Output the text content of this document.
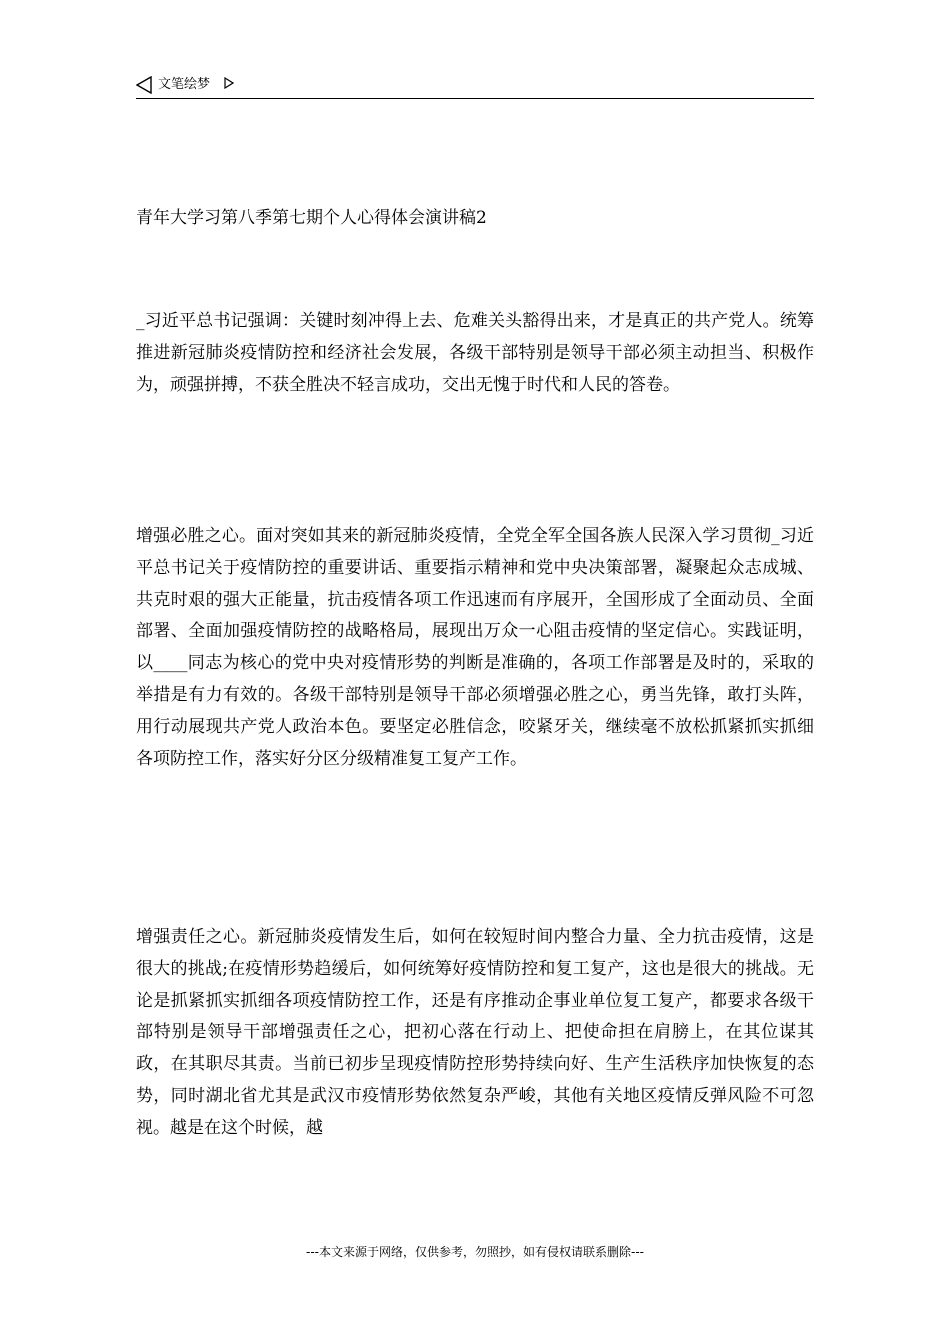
文笔绘梦
青年大学习第八季第七期个人心得体会演讲稿2

_习近平总书记强调：关键时刻冲得上去、危难关头豁得出来，才是真正的共产党人。统筹推进新冠肺炎疫情防控和经济社会发展，各级干部特别是领导干部必须主动担当、积极作为，顽强拼搏，不获全胜决不轻言成功，交出无愧于时代和人民的答卷。

增强必胜之心。面对突如其来的新冠肺炎疫情，全党全军全国各族人民深入学习贯彻_习近平总书记关于疫情防控的重要讲话、重要指示精神和党中央决策部署，凝聚起众志成城、共克时艰的强大正能量，抗击疫情各项工作迅速而有序展开，全国形成了全面动员、全面部署、全面加强疫情防控的战略格局，展现出万众一心阻击疫情的坚定信心。实践证明，以____同志为核心的党中央对疫情形势的判断是准确的，各项工作部署是及时的，采取的举措是有力有效的。各级干部特别是领导干部必须增强必胜之心，勇当先锋，敢打头阵，用行动展现共产党人政治本色。要坚定必胜信念，咬紧牙关，继续毫不放松抓紧抓实抓细各项防控工作，落实好分区分级精准复工复产工作。

增强责任之心。新冠肺炎疫情发生后，如何在较短时间内整合力量、全力抗击疫情，这是很大的挑战;在疫情形势趋缓后，如何统筹好疫情防控和复工复产，这也是很大的挑战。无论是抓紧抓实抓细各项疫情防控工作，还是有序推动企事业单位复工复产，都要求各级干部特别是领导干部增强责任之心，把初心落在行动上、把使命担在肩膀上，在其位谋其政，在其职尽其责。当前已初步呈现疫情防控形势持续向好、生产生活秩序加快恢复的态势，同时湖北省尤其是武汉市疫情形势依然复杂严峻，其他有关地区疫情反弹风险不可忽视。越是在这个时候，越

---本文来源于网络，仅供参考，勿照抄，如有侵权请联系删除---
